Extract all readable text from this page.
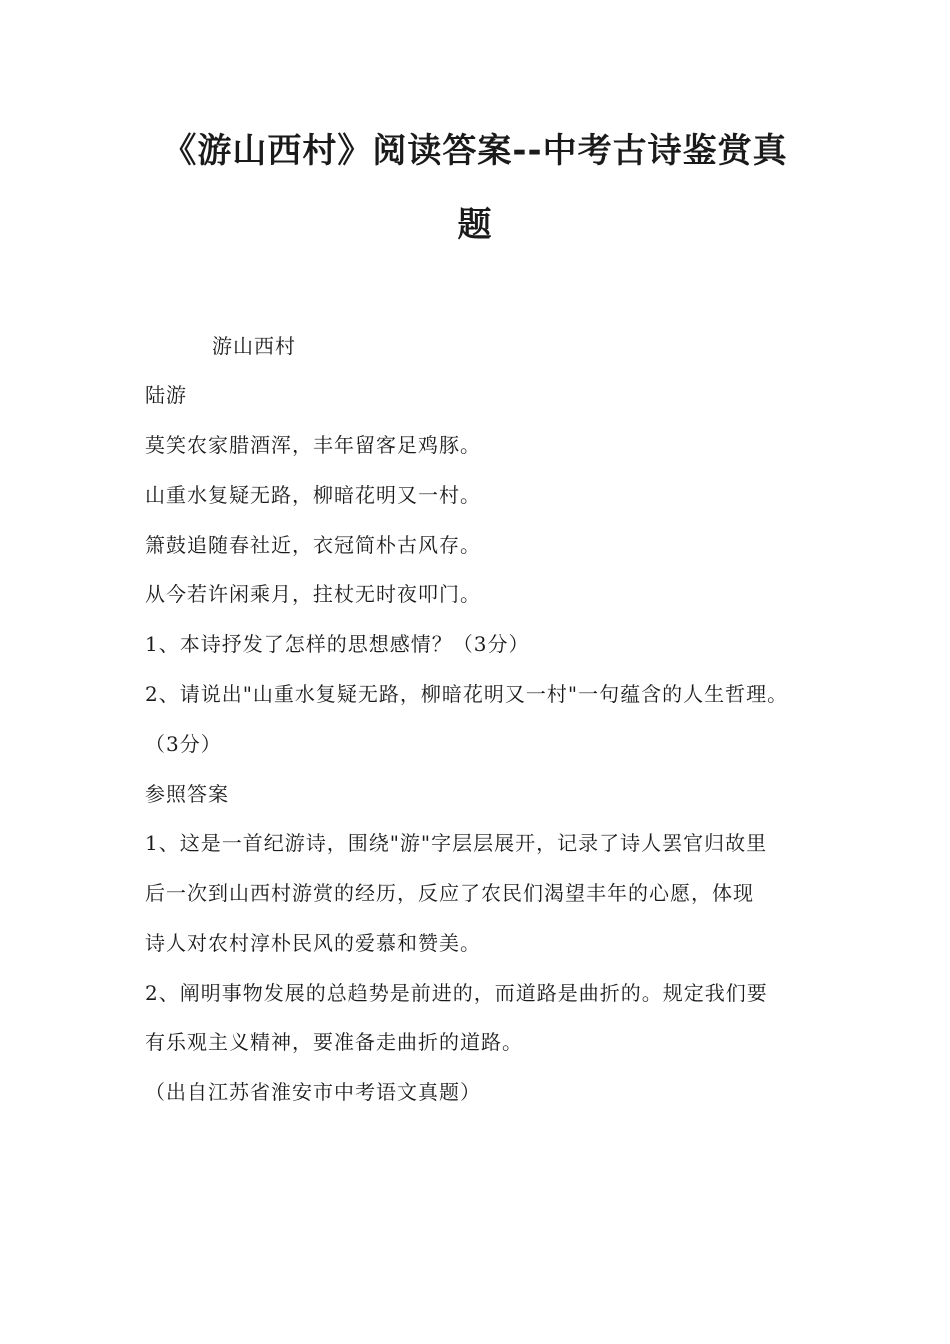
《游山西村》阅读答案--中考古诗鉴赏真
题
游山西村
陆游
莫笑农家腊酒浑，丰年留客足鸡豚。
山重水复疑无路，柳暗花明又一村。
箫鼓追随春社近，衣冠简朴古风存。
从今若许闲乘月，拄杖无时夜叩门。
1、本诗抒发了怎样的思想感情？（3分）
2、请说出"山重水复疑无路，柳暗花明又一村"一句蕴含的人生哲理。
（3分）
参照答案
1、这是一首纪游诗，围绕"游"字层层展开，记录了诗人罢官归故里
后一次到山西村游赏的经历，反应了农民们渴望丰年的心愿，体现
诗人对农村淳朴民风的爱慕和赞美。
2、阐明事物发展的总趋势是前进的，而道路是曲折的。规定我们要
有乐观主义精神，要准备走曲折的道路。
（出自江苏省淮安市中考语文真题）
